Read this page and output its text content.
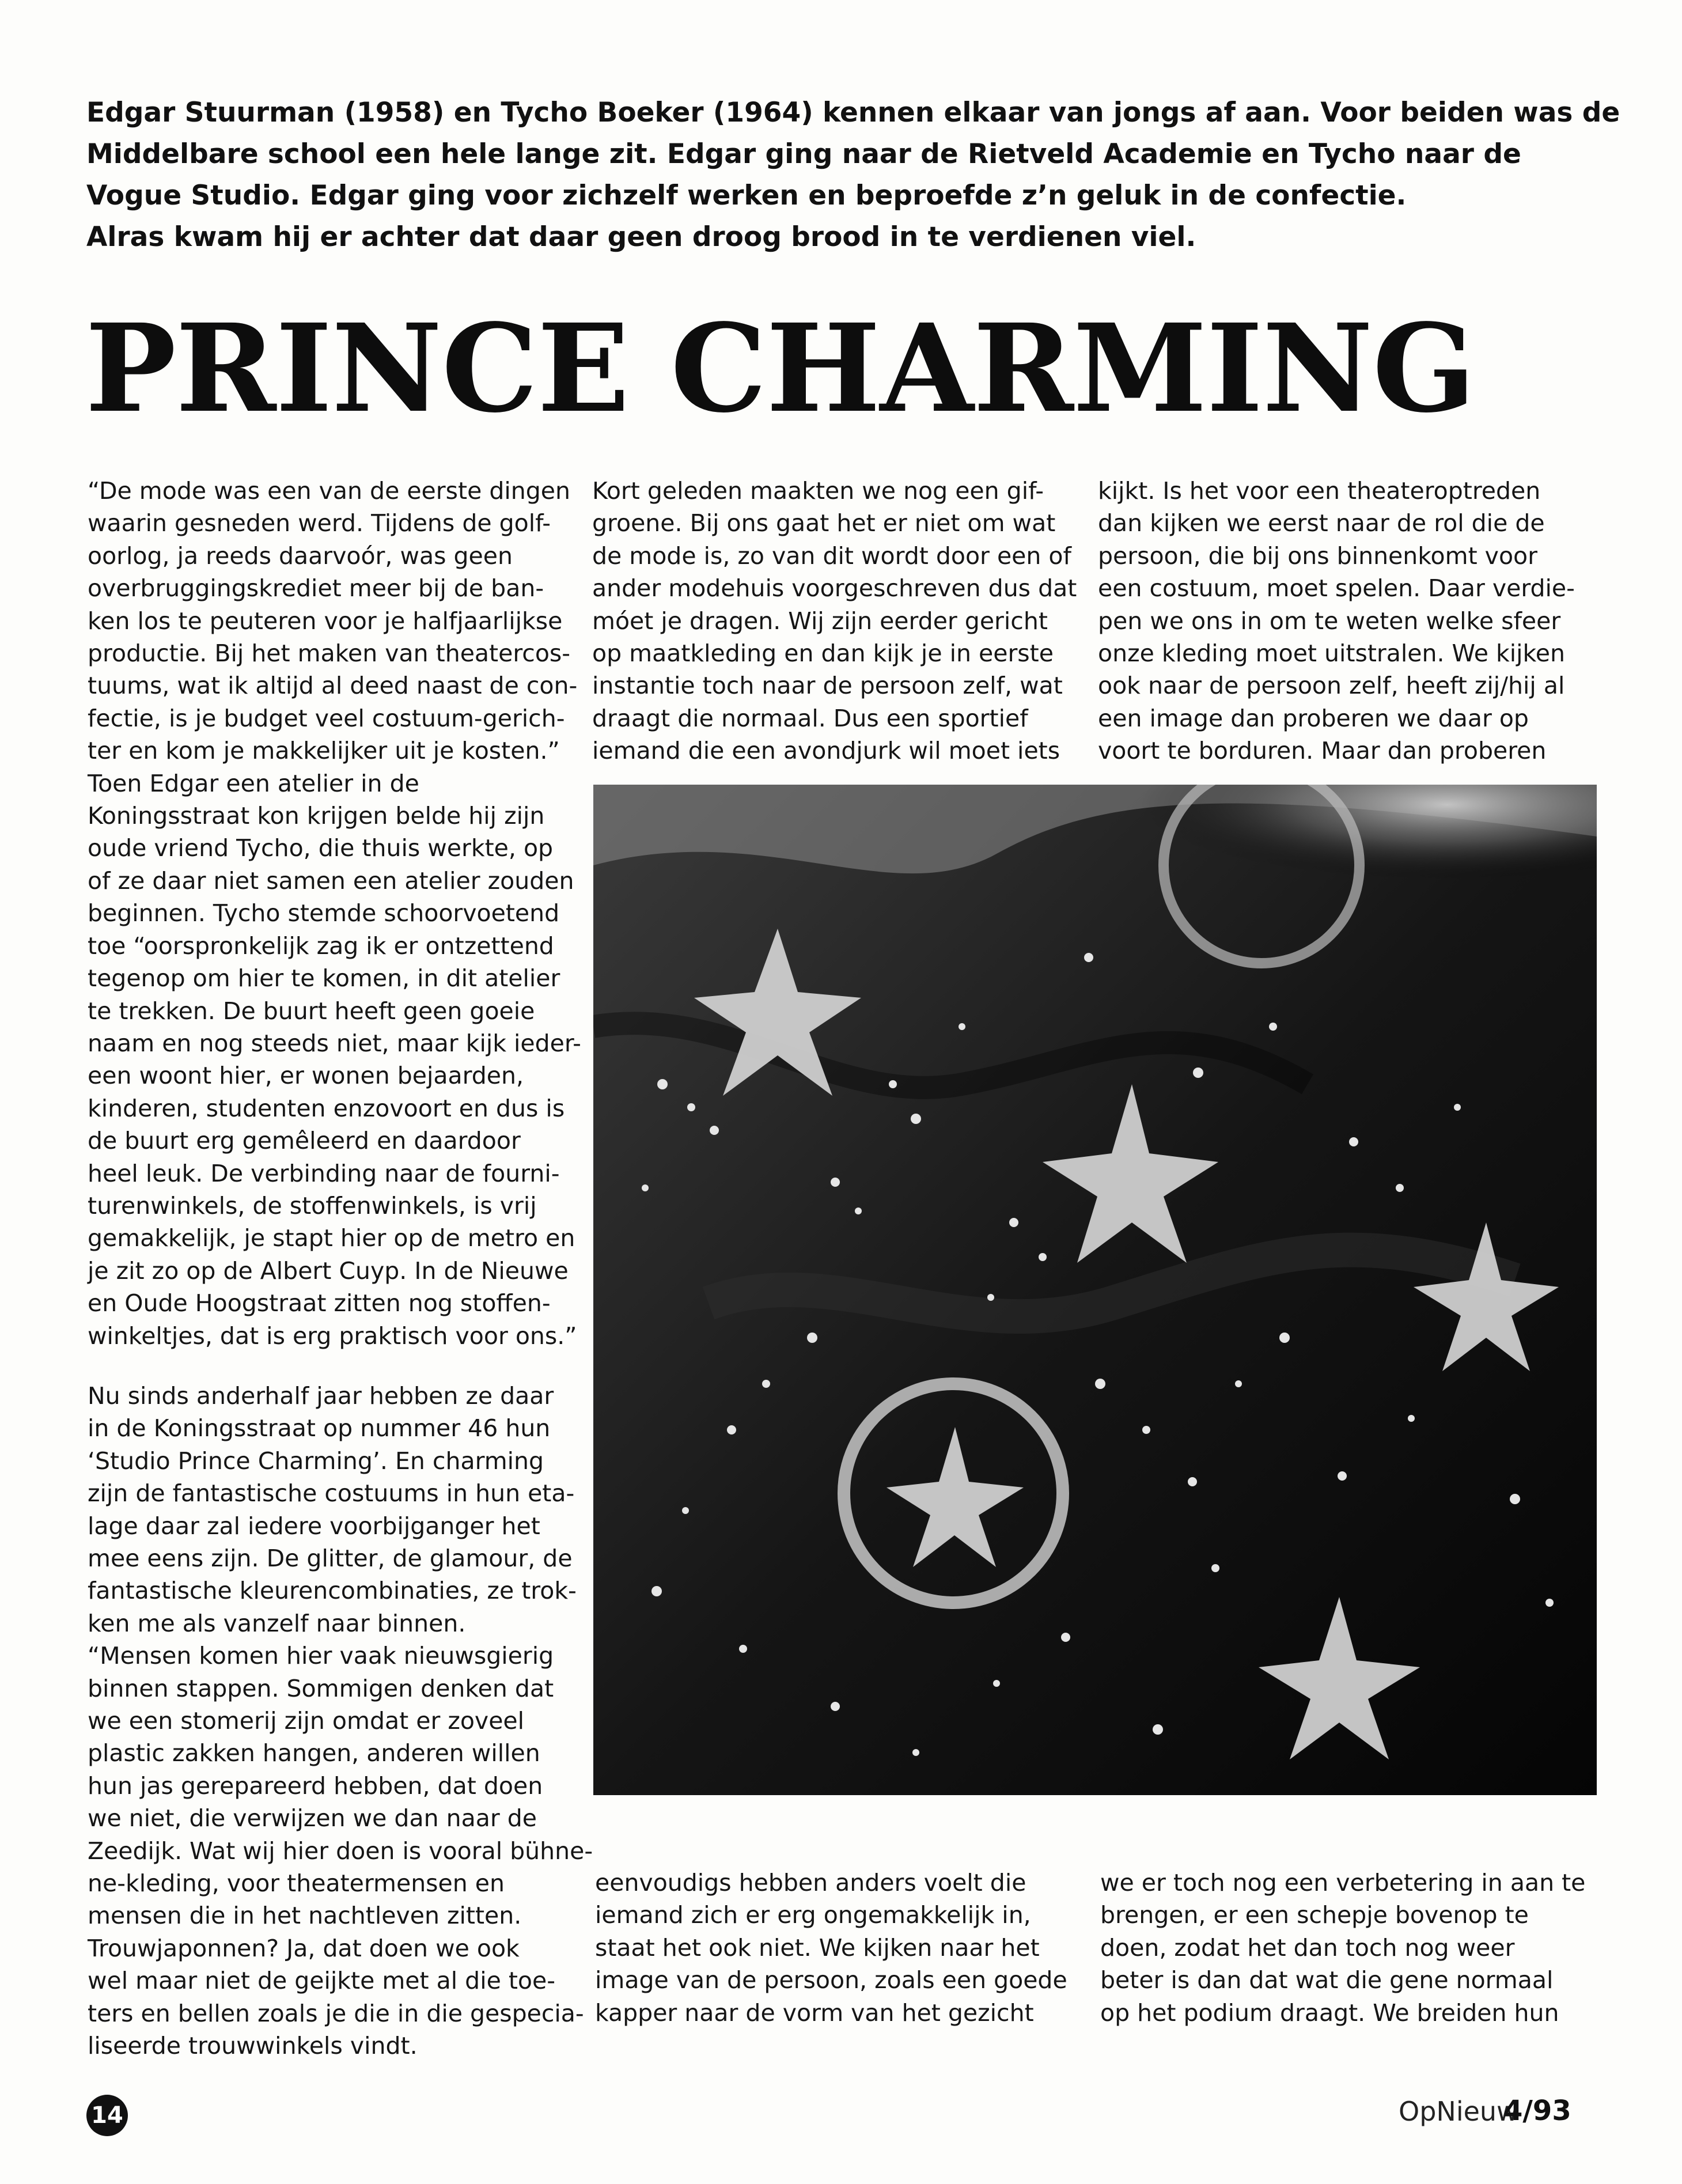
Edgar Stuurman (1958) en Tycho Boeker (1964) kennen elkaar van jongs af aan. Voor beiden was de
Middelbare school een hele lange zit. Edgar ging naar de Rietveld Academie en Tycho naar de
Vogue Studio. Edgar ging voor zichzelf werken en beproefde z’n geluk in de confectie.
Alras kwam hij er achter dat daar geen droog brood in te verdienen viel.
PRINCE CHARMING
“De mode was een van de eerste dingen
waarin gesneden werd. Tijdens de golf-
oorlog, ja reeds daarvoór, was geen
overbruggingskrediet meer bij de ban-
ken los te peuteren voor je halfjaarlijkse
productie. Bij het maken van theatercos-
tuums, wat ik altijd al deed naast de con-
fectie, is je budget veel costuum-gerich-
ter en kom je makkelijker uit je kosten.”
Toen Edgar een atelier in de
Koningsstraat kon krijgen belde hij zijn
oude vriend Tycho, die thuis werkte, op
of ze daar niet samen een atelier zouden
beginnen. Tycho stemde schoorvoetend
toe “oorspronkelijk zag ik er ontzettend
tegenop om hier te komen, in dit atelier
te trekken. De buurt heeft geen goeie
naam en nog steeds niet, maar kijk ieder-
een woont hier, er wonen bejaarden,
kinderen, studenten enzovoort en dus is
de buurt erg gemêleerd en daardoor
heel leuk. De verbinding naar de fourni-
turenwinkels, de stoffenwinkels, is vrij
gemakkelijk, je stapt hier op de metro en
je zit zo op de Albert Cuyp. In de Nieuwe
en Oude Hoogstraat zitten nog stoffen-
winkeltjes, dat is erg praktisch voor ons.”
Nu sinds anderhalf jaar hebben ze daar
in de Koningsstraat op nummer 46 hun
‘Studio Prince Charming’. En charming
zijn de fantastische costuums in hun eta-
lage daar zal iedere voorbijganger het
mee eens zijn. De glitter, de glamour, de
fantastische kleurencombinaties, ze trok-
ken me als vanzelf naar binnen.
“Mensen komen hier vaak nieuwsgierig
binnen stappen. Sommigen denken dat
we een stomerij zijn omdat er zoveel
plastic zakken hangen, anderen willen
hun jas gerepareerd hebben, dat doen
we niet, die verwijzen we dan naar de
Zeedijk. Wat wij hier doen is vooral bühne-
ne-kleding, voor theatermensen en
mensen die in het nachtleven zitten.
Trouwjaponnen? Ja, dat doen we ook
wel maar niet de geijkte met al die toe-
ters en bellen zoals je die in die gespecia-
liseerde trouwwinkels vindt.
Kort geleden maakten we nog een gif-
groene. Bij ons gaat het er niet om wat
de mode is, zo van dit wordt door een of
ander modehuis voorgeschreven dus dat
móet je dragen. Wij zijn eerder gericht
op maatkleding en dan kijk je in eerste
instantie toch naar de persoon zelf, wat
draagt die normaal. Dus een sportief
iemand die een avondjurk wil moet iets
kijkt. Is het voor een theateroptreden
dan kijken we eerst naar de rol die de
persoon, die bij ons binnenkomt voor
een costuum, moet spelen. Daar verdie-
pen we ons in om te weten welke sfeer
onze kleding moet uitstralen. We kijken
ook naar de persoon zelf, heeft zij/hij al
een image dan proberen we daar op
voort te borduren. Maar dan proberen
eenvoudigs hebben anders voelt die
iemand zich er erg ongemakkelijk in,
staat het ook niet. We kijken naar het
image van de persoon, zoals een goede
kapper naar de vorm van het gezicht
we er toch nog een verbetering in aan te
brengen, er een schepje bovenop te
doen, zodat het dan toch nog weer
beter is dan dat wat die gene normaal
op het podium draagt. We breiden hun
14	OpNieuw
4/93
